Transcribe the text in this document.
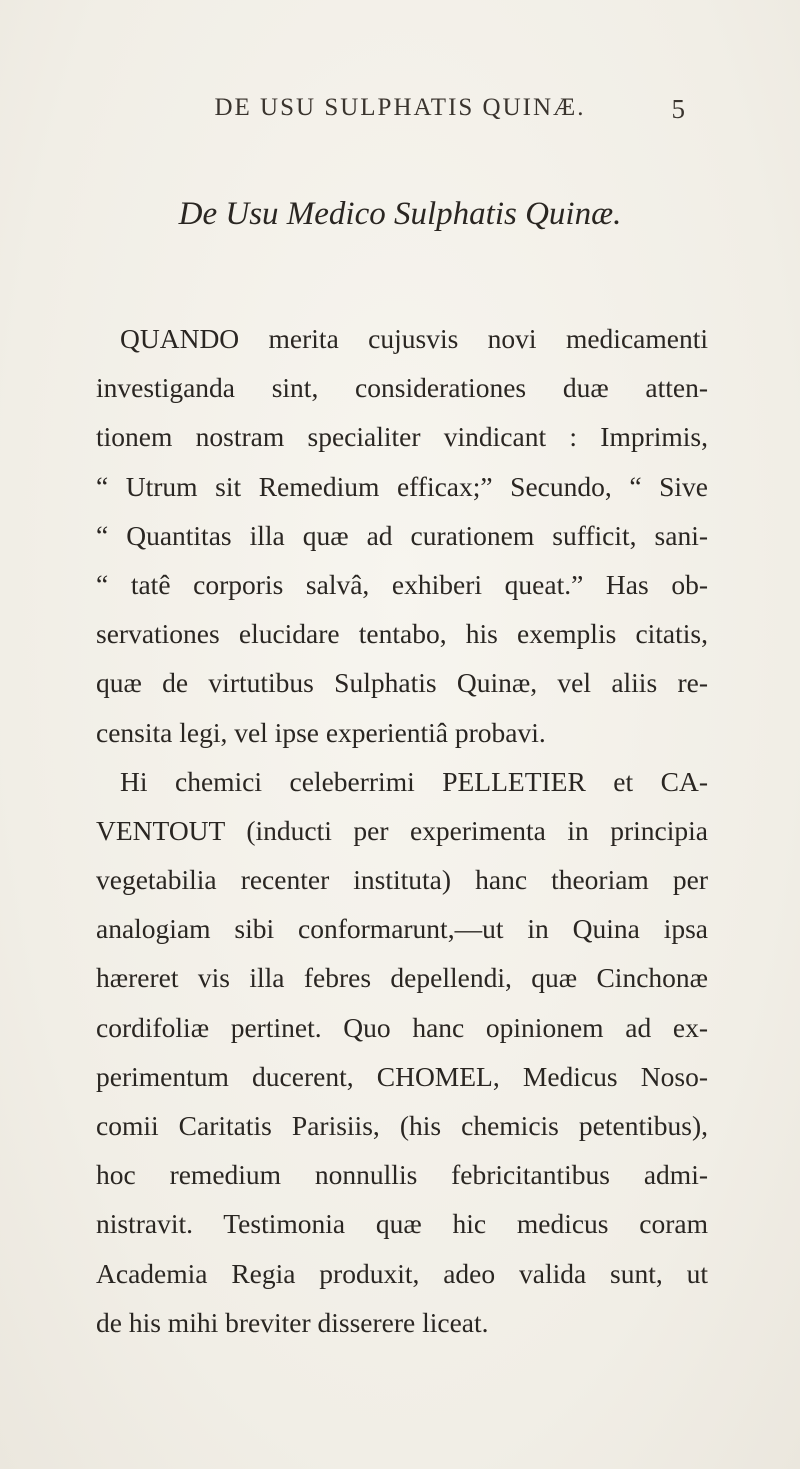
DE USU SULPHATIS QUINÆ.	5
De Usu Medico Sulphatis Quinæ.
QUANDO merita cujusvis novi medicamenti
investiganda sint, considerationes duæ atten-
tionem nostram specialiter vindicant : Imprimis,
“ Utrum sit Remedium efficax;” Secundo, “ Sive
“ Quantitas illa quæ ad curationem sufficit, sani-
“ tatê corporis salvâ, exhiberi queat.” Has ob-
servationes elucidare tentabo, his exemplis citatis,
quæ de virtutibus Sulphatis Quinæ, vel aliis re-
censita legi, vel ipse experientiâ probavi.
Hi chemici celeberrimi PELLETIER et CA-
VENTOUT (inducti per experimenta in principia
vegetabilia recenter instituta) hanc theoriam per
analogiam sibi conformarunt,—ut in Quina ipsa
hæreret vis illa febres depellendi, quæ Cinchonæ
cordifoliæ pertinet. Quo hanc opinionem ad ex-
perimentum ducerent, CHOMEL, Medicus Noso-
comii Caritatis Parisiis, (his chemicis petentibus),
hoc remedium nonnullis febricitantibus admi-
nistravit. Testimonia quæ hic medicus coram
Academia Regia produxit, adeo valida sunt, ut
de his mihi breviter disserere liceat.
